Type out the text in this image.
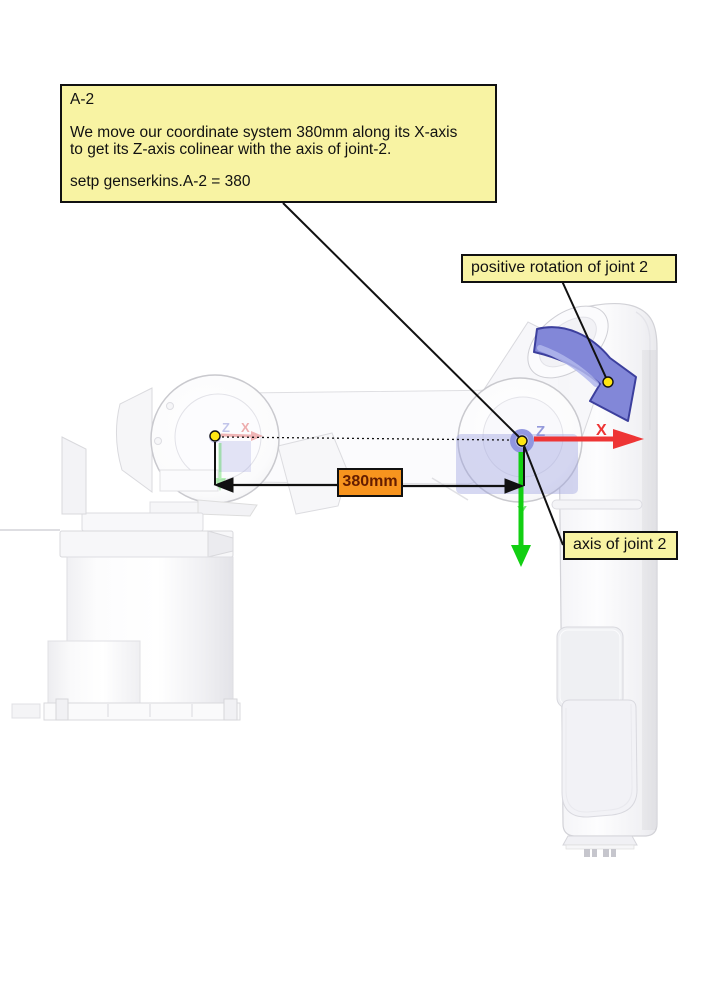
Z X	X
Y
Z
A-2
We move our coordinate system 380mm along its X-axis
to get its Z-axis colinear with the axis of joint-2.
setp genserkins.A-2 = 380
positive rotation of joint 2
380mm
axis of joint 2
